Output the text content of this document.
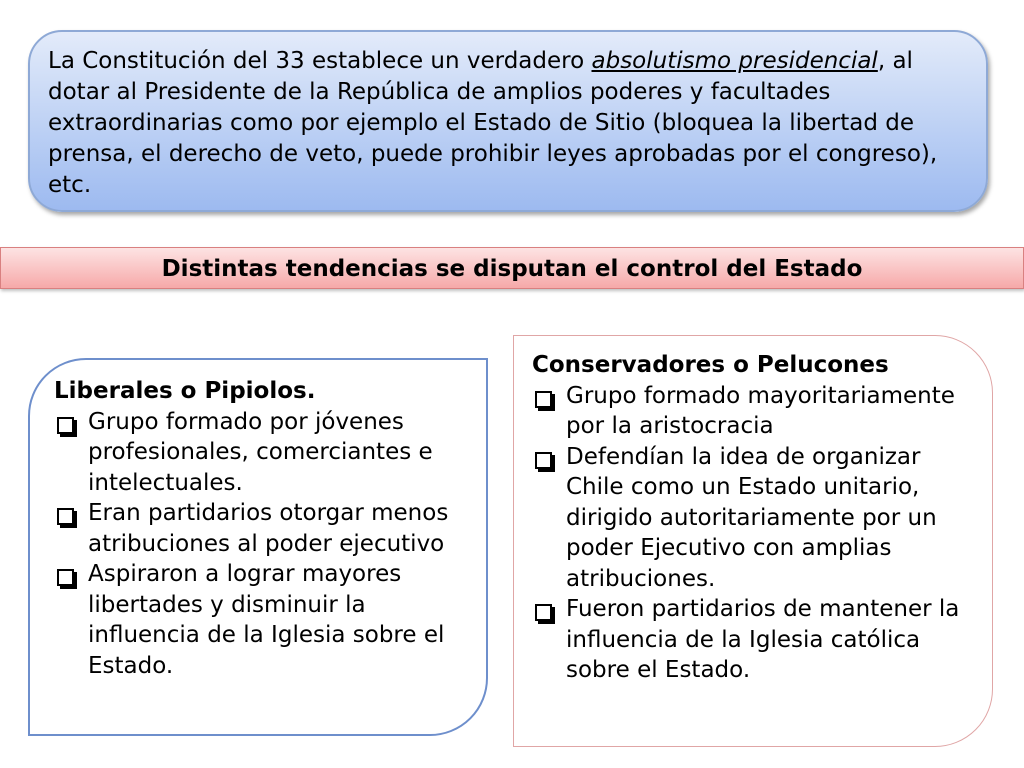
La Constitución del 33 establece un verdadero absolutismo presidencial, al dotar al Presidente de la República de amplios poderes y facultades extraordinarias como por ejemplo el Estado de Sitio (bloquea la libertad de prensa, el derecho de veto, puede prohibir leyes aprobadas por el congreso), etc.
Distintas tendencias se disputan el control del Estado
Liberales o Pipiolos.
Grupo formado por jóvenes profesionales, comerciantes e intelectuales.
Eran partidarios otorgar menos atribuciones al poder ejecutivo
Aspiraron a lograr mayores libertades y disminuir la influencia de la Iglesia sobre el Estado.
Conservadores o Pelucones
Grupo formado mayoritariamente por la aristocracia
Defendían la idea de organizar Chile como un Estado unitario, dirigido autoritariamente por un poder Ejecutivo con amplias atribuciones.
Fueron partidarios de mantener la influencia de la Iglesia católica sobre el Estado.
